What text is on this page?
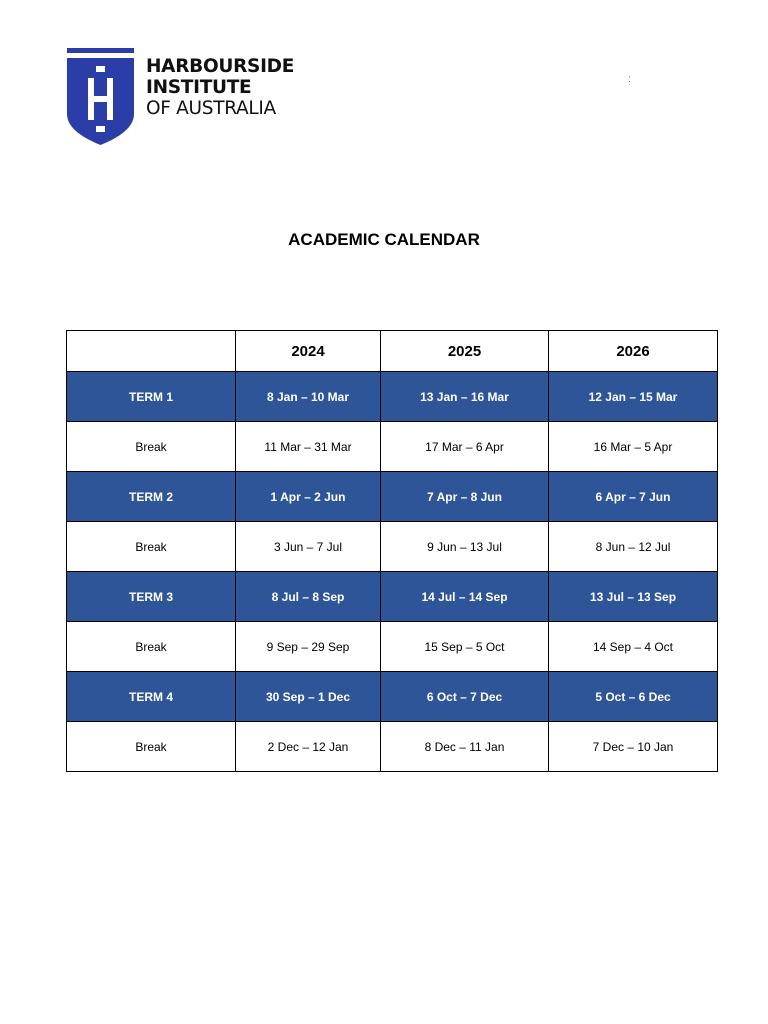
HARBOURSIDE
INSTITUTE
OF AUSTRALIA
:
ACADEMIC CALENDAR
	2024	2025	2026
TERM 1	8 Jan – 10 Mar	13 Jan – 16 Mar	12 Jan – 15 Mar
Break	11 Mar – 31 Mar	17 Mar – 6 Apr	16 Mar – 5 Apr
TERM 2	1 Apr – 2 Jun	7 Apr – 8 Jun	6 Apr – 7 Jun
Break	3 Jun – 7 Jul	9 Jun – 13 Jul	8 Jun – 12 Jul
TERM 3	8 Jul – 8 Sep	14 Jul – 14 Sep	13 Jul – 13 Sep
Break	9 Sep – 29 Sep	15 Sep – 5 Oct	14 Sep – 4 Oct
TERM 4	30 Sep – 1 Dec	6 Oct – 7 Dec	5 Oct – 6 Dec
Break	2 Dec – 12 Jan	8 Dec – 11 Jan	7 Dec – 10 Jan
